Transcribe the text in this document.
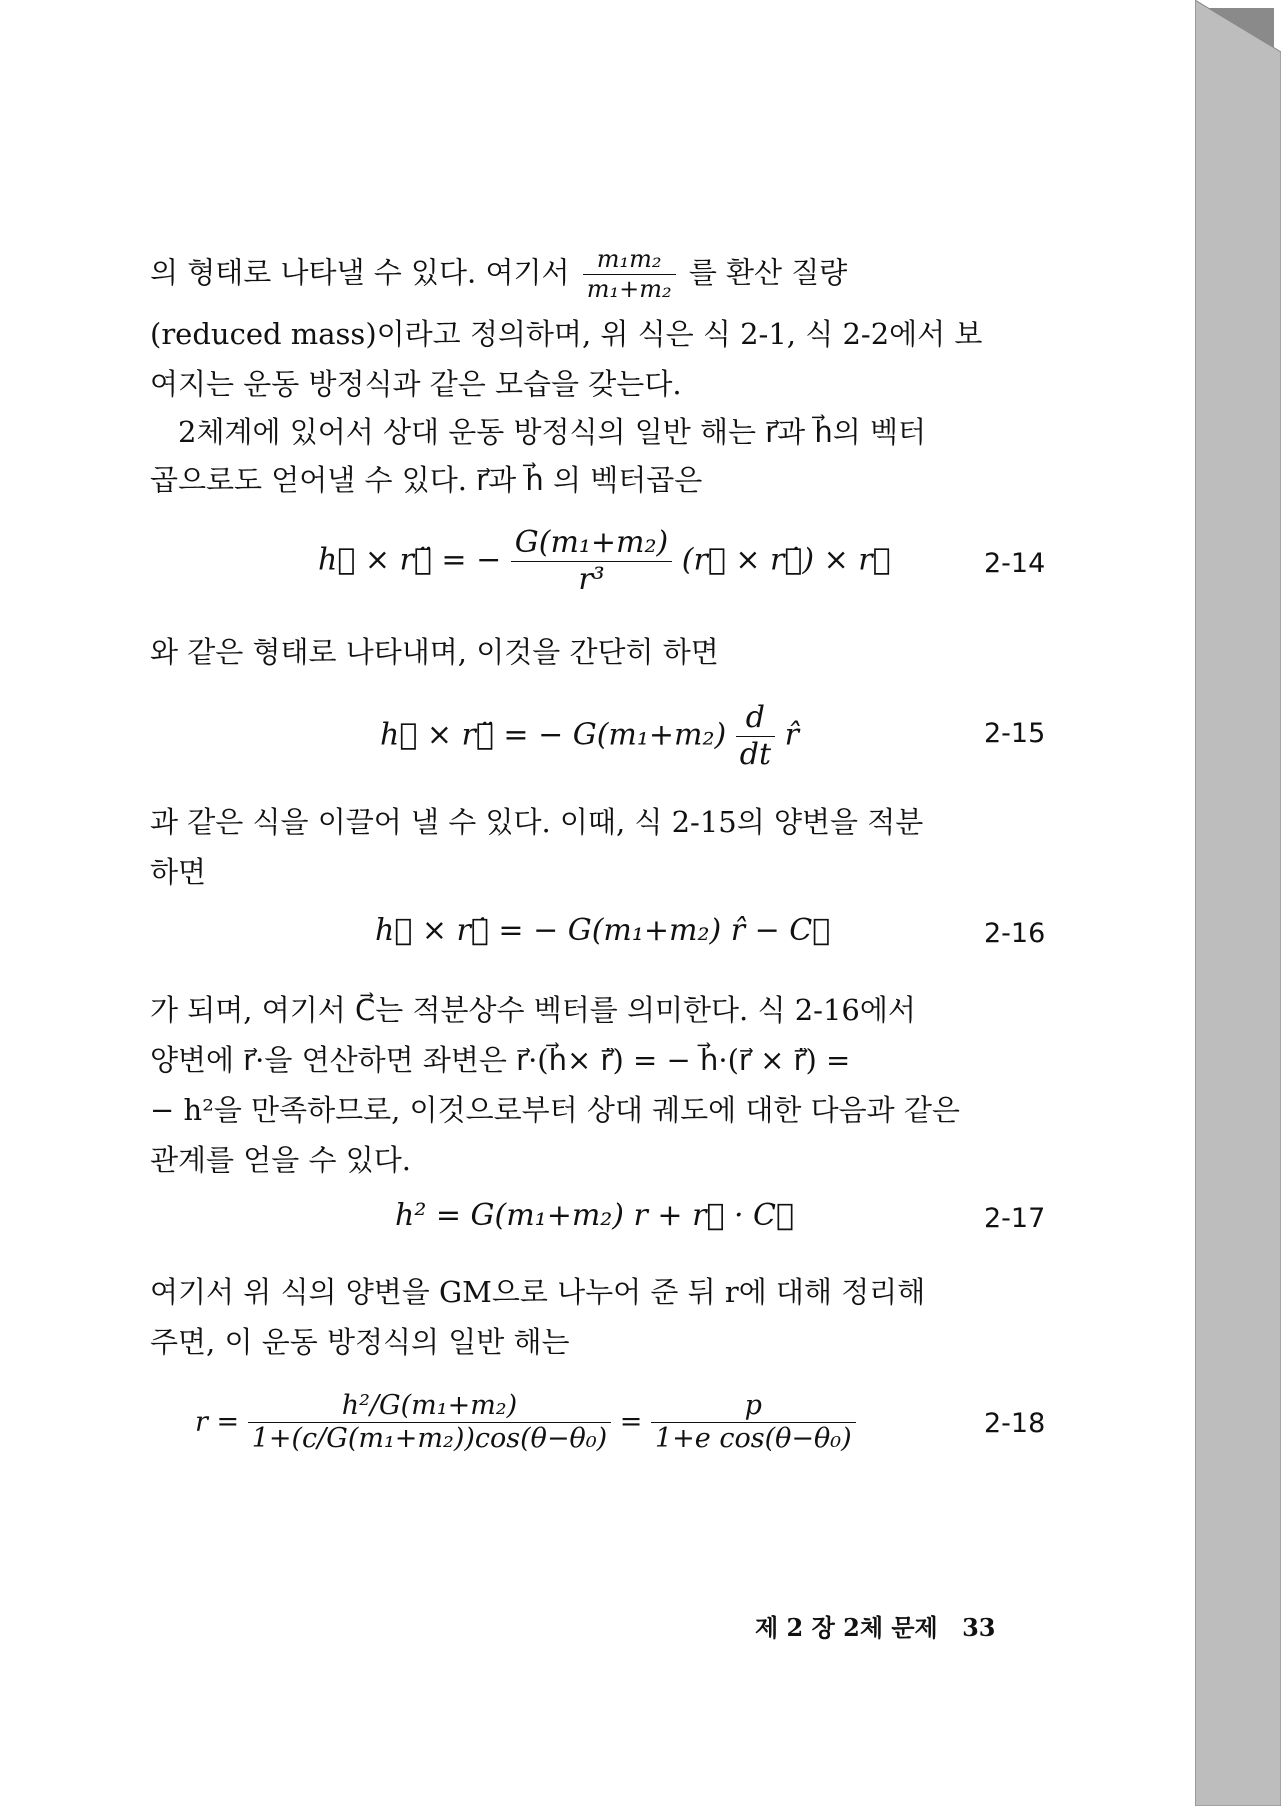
의 형태로 나타낼 수 있다. 여기서 $\frac{\text{m₁m₂}}{\text{m₁+m₂}}$ 를 환산 질량
(reduced mass)이라고 정의하며, 위 식은 식 2-1, 식 2-2에서 보
여지는 운동 방정식과 같은 모습을 갖는다.
2체계에 있어서 상대 운동 방정식의 일반 해는 r⃗과 h⃗의 벡터
곱으로도 얻어낼 수 있다. r⃗과 h⃗ 의 벡터곱은
h⃗ × r⃗̈ = − $\frac{\text{G(m₁+m₂)}}{\text{r³}}$ (r⃗ × r⃗̇) × r⃗	2-14
와 같은 형태로 나타내며, 이것을 간단히 하면
h⃗ × r⃗̈ = − $G(m_1+m_2) \frac{d}{dt}$ r̂	2-15
과 같은 식을 이끌어 낼 수 있다. 이때, 식 2-15의 양변을 적분
하면
h⃗ × r⃗̇ = − G(m₁+m₂) r̂ − C⃗	2-16
가 되며, 여기서 C⃗는 적분상수 벡터를 의미한다. 식 2-16에서
양변에 r⃗·을 연산하면 좌변은 r⃗·(h⃗× r⃗̇) = − h⃗·(r⃗ × r⃗̇) =
− h²을 만족하므로, 이것으로부터 상대 궤도에 대한 다음과 같은
관계를 얻을 수 있다.
h² = G(m₁+m₂) r + r⃗ · C⃗	2-17
여기서 위 식의 양변을 GM으로 나누어 준 뒤 r에 대해 정리해
주면, 이 운동 방정식의 일반 해는
$r = \frac{\text{h²/G(m₁+m₂)}}{\text{1+(c/G(m₁+m₂))cos(θ−θ₀)}} = \frac{p}{\text{1+e cos(θ−θ₀)}}$	2-18
제 2 장 2체 문제 33
